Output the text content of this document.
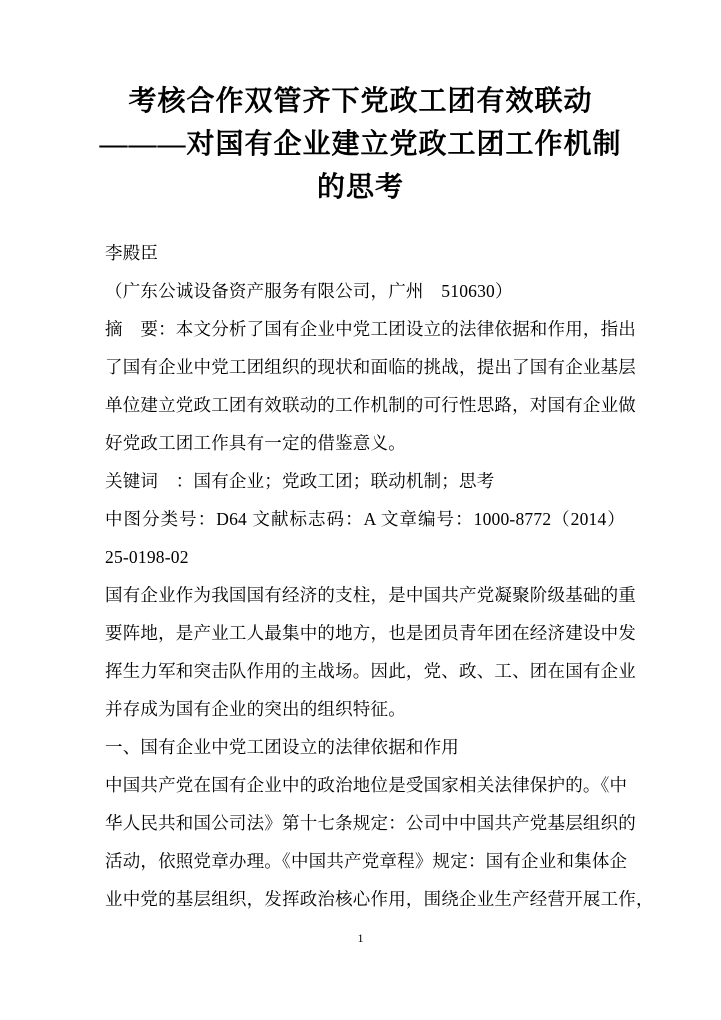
考核合作双管齐下党政工团有效联动
———对国有企业建立党政工团工作机制
的思考
李殿臣
（广东公诚设备资产服务有限公司，广州　510630）
摘　要：本文分析了国有企业中党工团设立的法律依据和作用，指出
了国有企业中党工团组织的现状和面临的挑战，提出了国有企业基层
单位建立党政工团有效联动的工作机制的可行性思路，对国有企业做
好党政工团工作具有一定的借鉴意义。
关键词　：国有企业；党政工团；联动机制；思考
中图分类号：D64 文献标志码：A 文章编号：1000-8772（2014）
25-0198-02
国有企业作为我国国有经济的支柱，是中国共产党凝聚阶级基础的重
要阵地，是产业工人最集中的地方，也是团员青年团在经济建设中发
挥生力军和突击队作用的主战场。因此，党、政、工、团在国有企业
并存成为国有企业的突出的组织特征。
一、国有企业中党工团设立的法律依据和作用
中国共产党在国有企业中的政治地位是受国家相关法律保护的。《中
华人民共和国公司法》第十七条规定：公司中中国共产党基层组织的
活动，依照党章办理。《中国共产党章程》规定：国有企业和集体企
业中党的基层组织，发挥政治核心作用，围绕企业生产经营开展工作，
1
